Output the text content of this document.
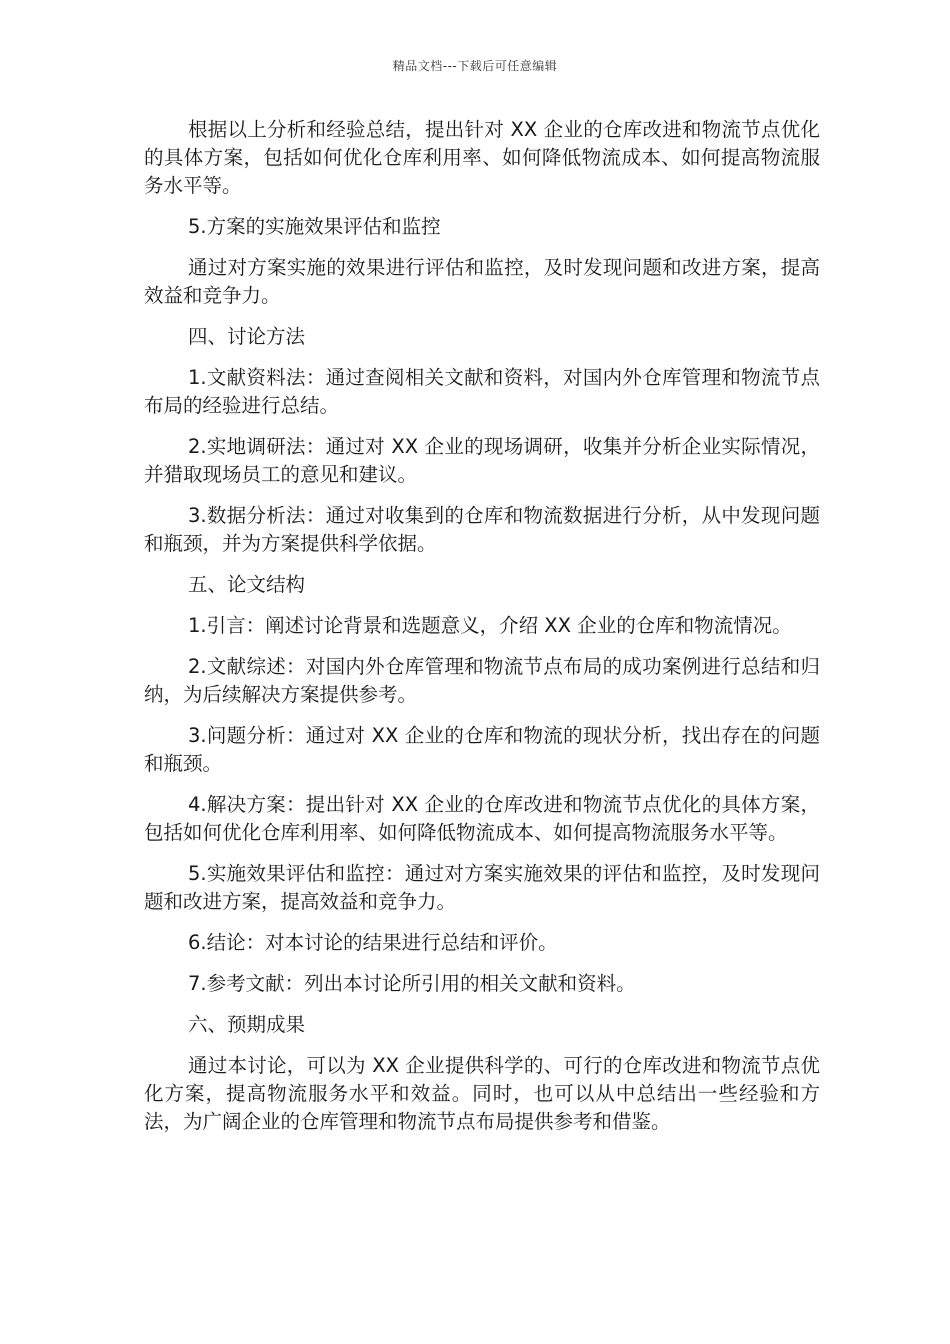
精品文档---下载后可任意编辑

根据以上分析和经验总结，提出针对 XX 企业的仓库改进和物流节点优化的具体方案，包括如何优化仓库利用率、如何降低物流成本、如何提高物流服务水平等。

5.方案的实施效果评估和监控

通过对方案实施的效果进行评估和监控，及时发现问题和改进方案，提高效益和竞争力。

四、讨论方法

1.文献资料法：通过查阅相关文献和资料，对国内外仓库管理和物流节点布局的经验进行总结。

2.实地调研法：通过对 XX 企业的现场调研，收集并分析企业实际情况，并猎取现场员工的意见和建议。

3.数据分析法：通过对收集到的仓库和物流数据进行分析，从中发现问题和瓶颈，并为方案提供科学依据。

五、论文结构

1.引言：阐述讨论背景和选题意义，介绍 XX 企业的仓库和物流情况。

2.文献综述：对国内外仓库管理和物流节点布局的成功案例进行总结和归纳，为后续解决方案提供参考。

3.问题分析：通过对 XX 企业的仓库和物流的现状分析，找出存在的问题和瓶颈。

4.解决方案：提出针对 XX 企业的仓库改进和物流节点优化的具体方案，包括如何优化仓库利用率、如何降低物流成本、如何提高物流服务水平等。

5.实施效果评估和监控：通过对方案实施效果的评估和监控，及时发现问题和改进方案，提高效益和竞争力。

6.结论：对本讨论的结果进行总结和评价。

7.参考文献：列出本讨论所引用的相关文献和资料。

六、预期成果

通过本讨论，可以为 XX 企业提供科学的、可行的仓库改进和物流节点优化方案，提高物流服务水平和效益。同时，也可以从中总结出一些经验和方法，为广阔企业的仓库管理和物流节点布局提供参考和借鉴。
